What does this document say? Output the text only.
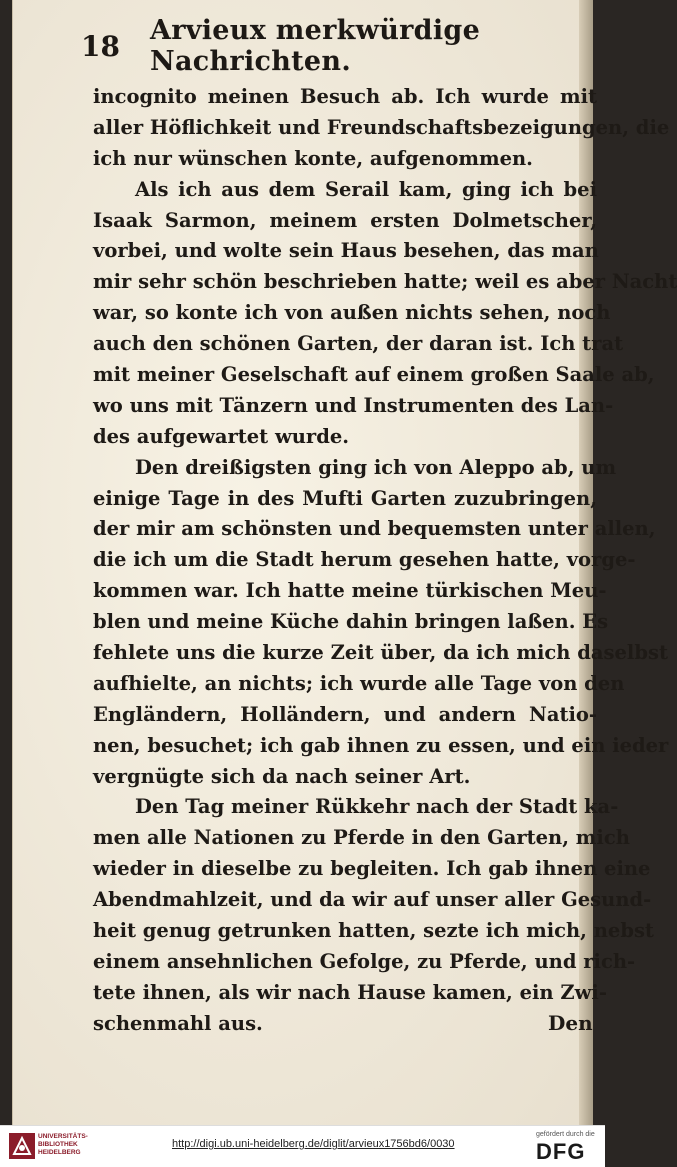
18 Arvieux merkwürdige Nachrichten.
incognito meinen Besuch ab. Ich wurde mit
aller Höflichkeit und Freundschaftsbezeigungen, die
ich nur wünschen konte, aufgenommen.
Als ich aus dem Serail kam, ging ich bei
Isaak Sarmon, meinem ersten Dolmetscher,
vorbei, und wolte sein Haus besehen, das man
mir sehr schön beschrieben hatte; weil es aber Nacht
war, so konte ich von außen nichts sehen, noch
auch den schönen Garten, der daran ist. Ich trat
mit meiner Geselschaft auf einem großen Saale ab,
wo uns mit Tänzern und Instrumenten des Lan-
des aufgewartet wurde.
Den dreißigsten ging ich von Aleppo ab, um
einige Tage in des Mufti Garten zuzubringen,
der mir am schönsten und bequemsten unter allen,
die ich um die Stadt herum gesehen hatte, vorge-
kommen war. Ich hatte meine türkischen Meu-
blen und meine Küche dahin bringen laßen. Es
fehlete uns die kurze Zeit über, da ich mich daselbst
aufhielte, an nichts; ich wurde alle Tage von den
Engländern, Holländern, und andern Natio-
nen, besuchet; ich gab ihnen zu essen, und ein ieder
vergnügte sich da nach seiner Art.
Den Tag meiner Rükkehr nach der Stadt ka-
men alle Nationen zu Pferde in den Garten, mich
wieder in dieselbe zu begleiten. Ich gab ihnen eine
Abendmahlzeit, und da wir auf unser aller Gesund-
heit genug getrunken hatten, sezte ich mich, nebst
einem ansehnlichen Gefolge, zu Pferde, und rich-
tete ihnen, als wir nach Hause kamen, ein Zwi-
schenmahl aus.	Den
UNIVERSITÄTS-BIBLIOTHEK HEIDELBERG
http://digi.ub.uni-heidelberg.de/diglit/arvieux1756bd6/0030
gefördert durch die
DFG
